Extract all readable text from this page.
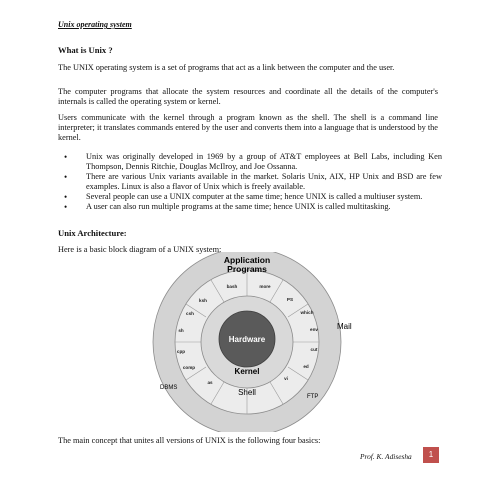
Unix operating system
What is Unix ?
The UNIX operating system is a set of programs that act as a link between the computer and the user.
The computer programs that allocate the system resources and coordinate all the details of the computer's internals is called the operating system or kernel.
Users communicate with the kernel through a program known as the shell. The shell is a command line interpreter; it translates commands entered by the user and converts them into a language that is understood by the kernel.
• Unix was originally developed in 1969 by a group of AT&T employees at Bell Labs, including Ken Thompson, Dennis Ritchie, Douglas McIlroy, and Joe Ossanna.
• There are various Unix variants available in the market. Solaris Unix, AIX, HP Unix and BSD are few examples. Linux is also a flavor of Unix which is freely available.
• Several people can use a UNIX computer at the same time; hence UNIX is called a multiuser system.
• A user can also run multiple programs at the same time; hence UNIX is called multitasking.
Unix Architecture:
Here is a basic block diagram of a UNIX system:
Application
Programs
Mail
DBMS
FTP
Shell
Kernel
Hardware
bash	more
ksh	PS
csh	which
sh	env
cpp	cut
comp	ed
as
vi
The main concept that unites all versions of UNIX is the following four basics:
Prof. K. Adisesha	1
